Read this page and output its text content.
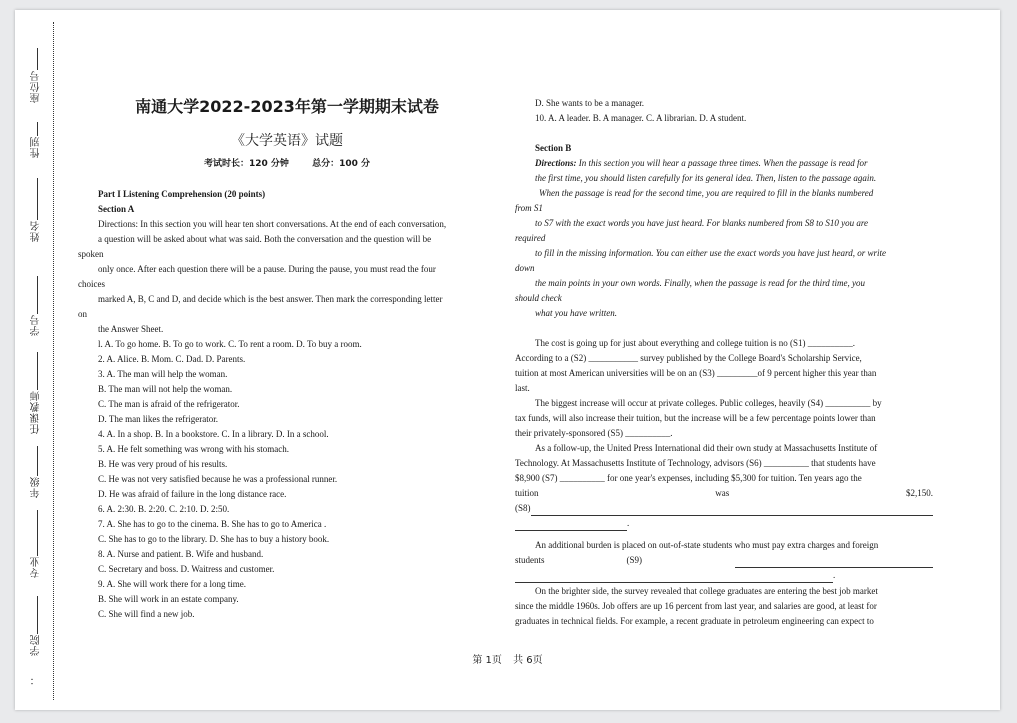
座位号
性别
姓名
学号
任课教师
年级
专业
学院
：
南通大学2022-2023年第一学期期末试卷
《大学英语》试题
考试时长：120 分钟	总分：100 分

Part I Listening Comprehension (20 points)

Section A

Directions: In this section you will hear ten short conversations. At the end of each conversation,

a question will be asked about what was said. Both the conversation and the question will be

spoken

only once. After each question there will be a pause. During the pause, you must read the four

choices

marked A, B, C and D, and decide which is the best answer. Then mark the corresponding letter

on

the Answer Sheet.

l. A. To go home. B. To go to work. C. To rent a room. D. To buy a room.

2. A. Alice. B. Mom. C. Dad. D. Parents.

3. A. The man will help the woman.

B. The man will not help the woman.

C. The man is afraid of the refrigerator.

D. The man likes the refrigerator.

4. A. In a shop. B. In a bookstore. C. In a library. D. In a school.

5. A. He felt something was wrong with his stomach.

B. He was very proud of his results.

C. He was not very satisfied because he was a professional runner.

D. He was afraid of failure in the long distance race.

6. A. 2:30. B. 2:20. C. 2:10. D. 2:50.

7. A. She has to go to the cinema. B. She has to go to America .

C. She has to go to the library. D. She has to buy a history book.

8. A. Nurse and patient. B. Wife and husband.

C. Secretary and boss. D. Waitress and customer.

9. A. She will work there for a long time.

B. She will work in an estate company.

C. She will find a new job.

D. She wants to be a manager.

10. A. A leader. B. A manager. C. A librarian. D. A student.

Section B

Directions: In this section you will hear a passage three times. When the passage is read for

the first time, you should listen carefully for its general idea. Then, listen to the passage again.

When the passage is read for the second time, you are required to fill in the blanks numbered

from S1

to S7 with the exact words you have just heard. For blanks numbered from S8 to S10 you are

required

to fill in the missing information. You can either use the exact words you have just heard, or write

down

the main points in your own words. Finally, when the passage is read for the third time, you

should check

what you have written.

The cost is going up for just about everything and college tuition is no (S1) __________.

According to a (S2) ___________ survey published by the College Board's Scholarship Service,

tuition at most American universities will be on an (S3) _________of 9 percent higher this year than

last.

The biggest increase will occur at private colleges. Public colleges, heavily (S4) __________ by

tax funds, will also increase their tuition, but the increase will be a few percentage points lower than

their privately-sponsored (S5) __________.

As a follow-up, the United Press International did their own study at Massachusetts Institute of

Technology. At Massachusetts Institute of Technology, advisors (S6) __________ that students have

$8,900 (S7) __________ for one year's expenses, including $5,300 for tuition. Ten years ago the

tuition	was	$2,150.

(S8)

.

An additional burden is placed on out-of-state students who must pay extra charges and foreign

students	(S9)

.

On the brighter side, the survey revealed that college graduates are entering the best job market

since the middle 1960s. Job offers are up 16 percent from last year, and salaries are good, at least for

graduates in technical fields. For example, a recent graduate in petroleum engineering can expect to

第 1页 共 6页
